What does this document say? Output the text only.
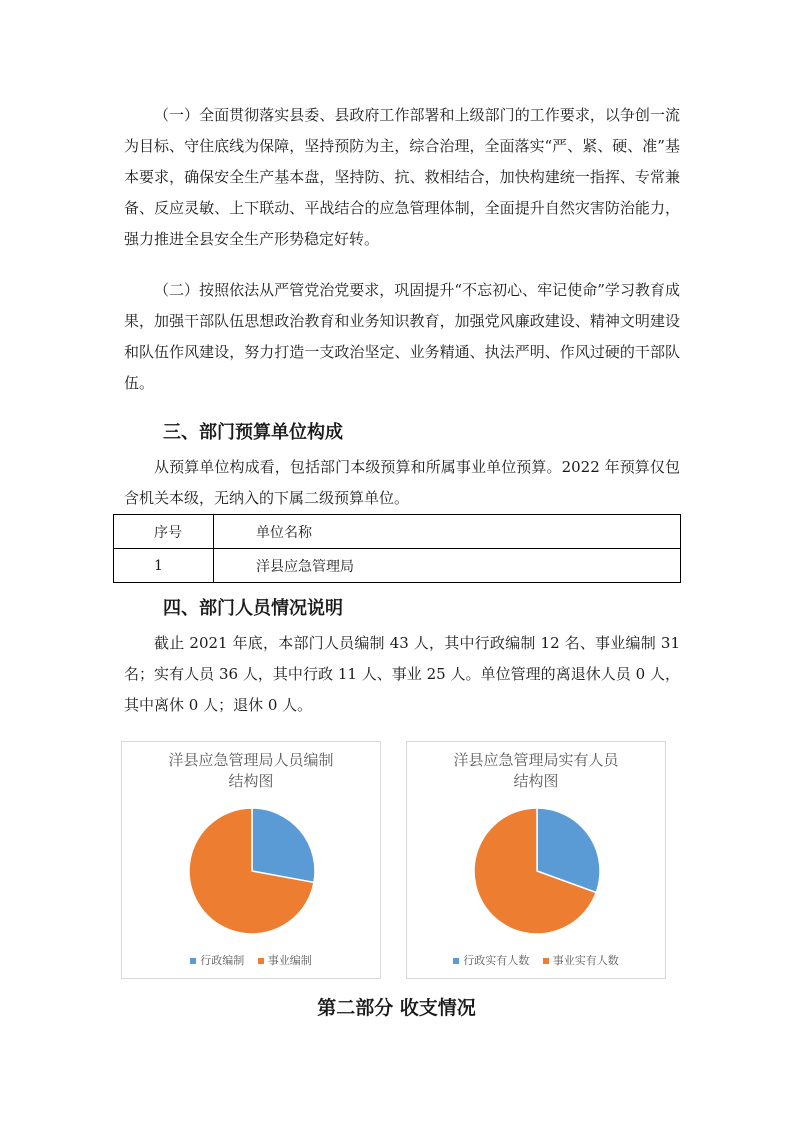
（一）全面贯彻落实县委、县政府工作部署和上级部门的工作要求，以争创一流为目标、守住底线为保障，坚持预防为主，综合治理，全面落实“严、紧、硬、准”基本要求，确保安全生产基本盘，坚持防、抗、救相结合，加快构建统一指挥、专常兼备、反应灵敏、上下联动、平战结合的应急管理体制，全面提升自然灾害防治能力，强力推进全县安全生产形势稳定好转。

（二）按照依法从严管党治党要求，巩固提升“不忘初心、牢记使命”学习教育成果，加强干部队伍思想政治教育和业务知识教育，加强党风廉政建设、精神文明建设和队伍作风建设，努力打造一支政治坚定、业务精通、执法严明、作风过硬的干部队伍。

三、部门预算单位构成

从预算单位构成看，包括部门本级预算和所属事业单位预算。2022 年预算仅包含机关本级，无纳入的下属二级预算单位。

序号	单位名称
1	洋县应急管理局
四、部门人员情况说明

截止 2021 年底，本部门人员编制 43 人，其中行政编制 12 名、事业编制 31 名；实有人员 36 人，其中行政 11 人、事业 25 人。单位管理的离退休人员 0 人，其中离休 0 人；退休 0 人。

洋县应急管理局人员编制
结构图
行政编制 事业编制
洋县应急管理局实有人员
结构图
行政实有人数 事业实有人数
第二部分 收支情况
